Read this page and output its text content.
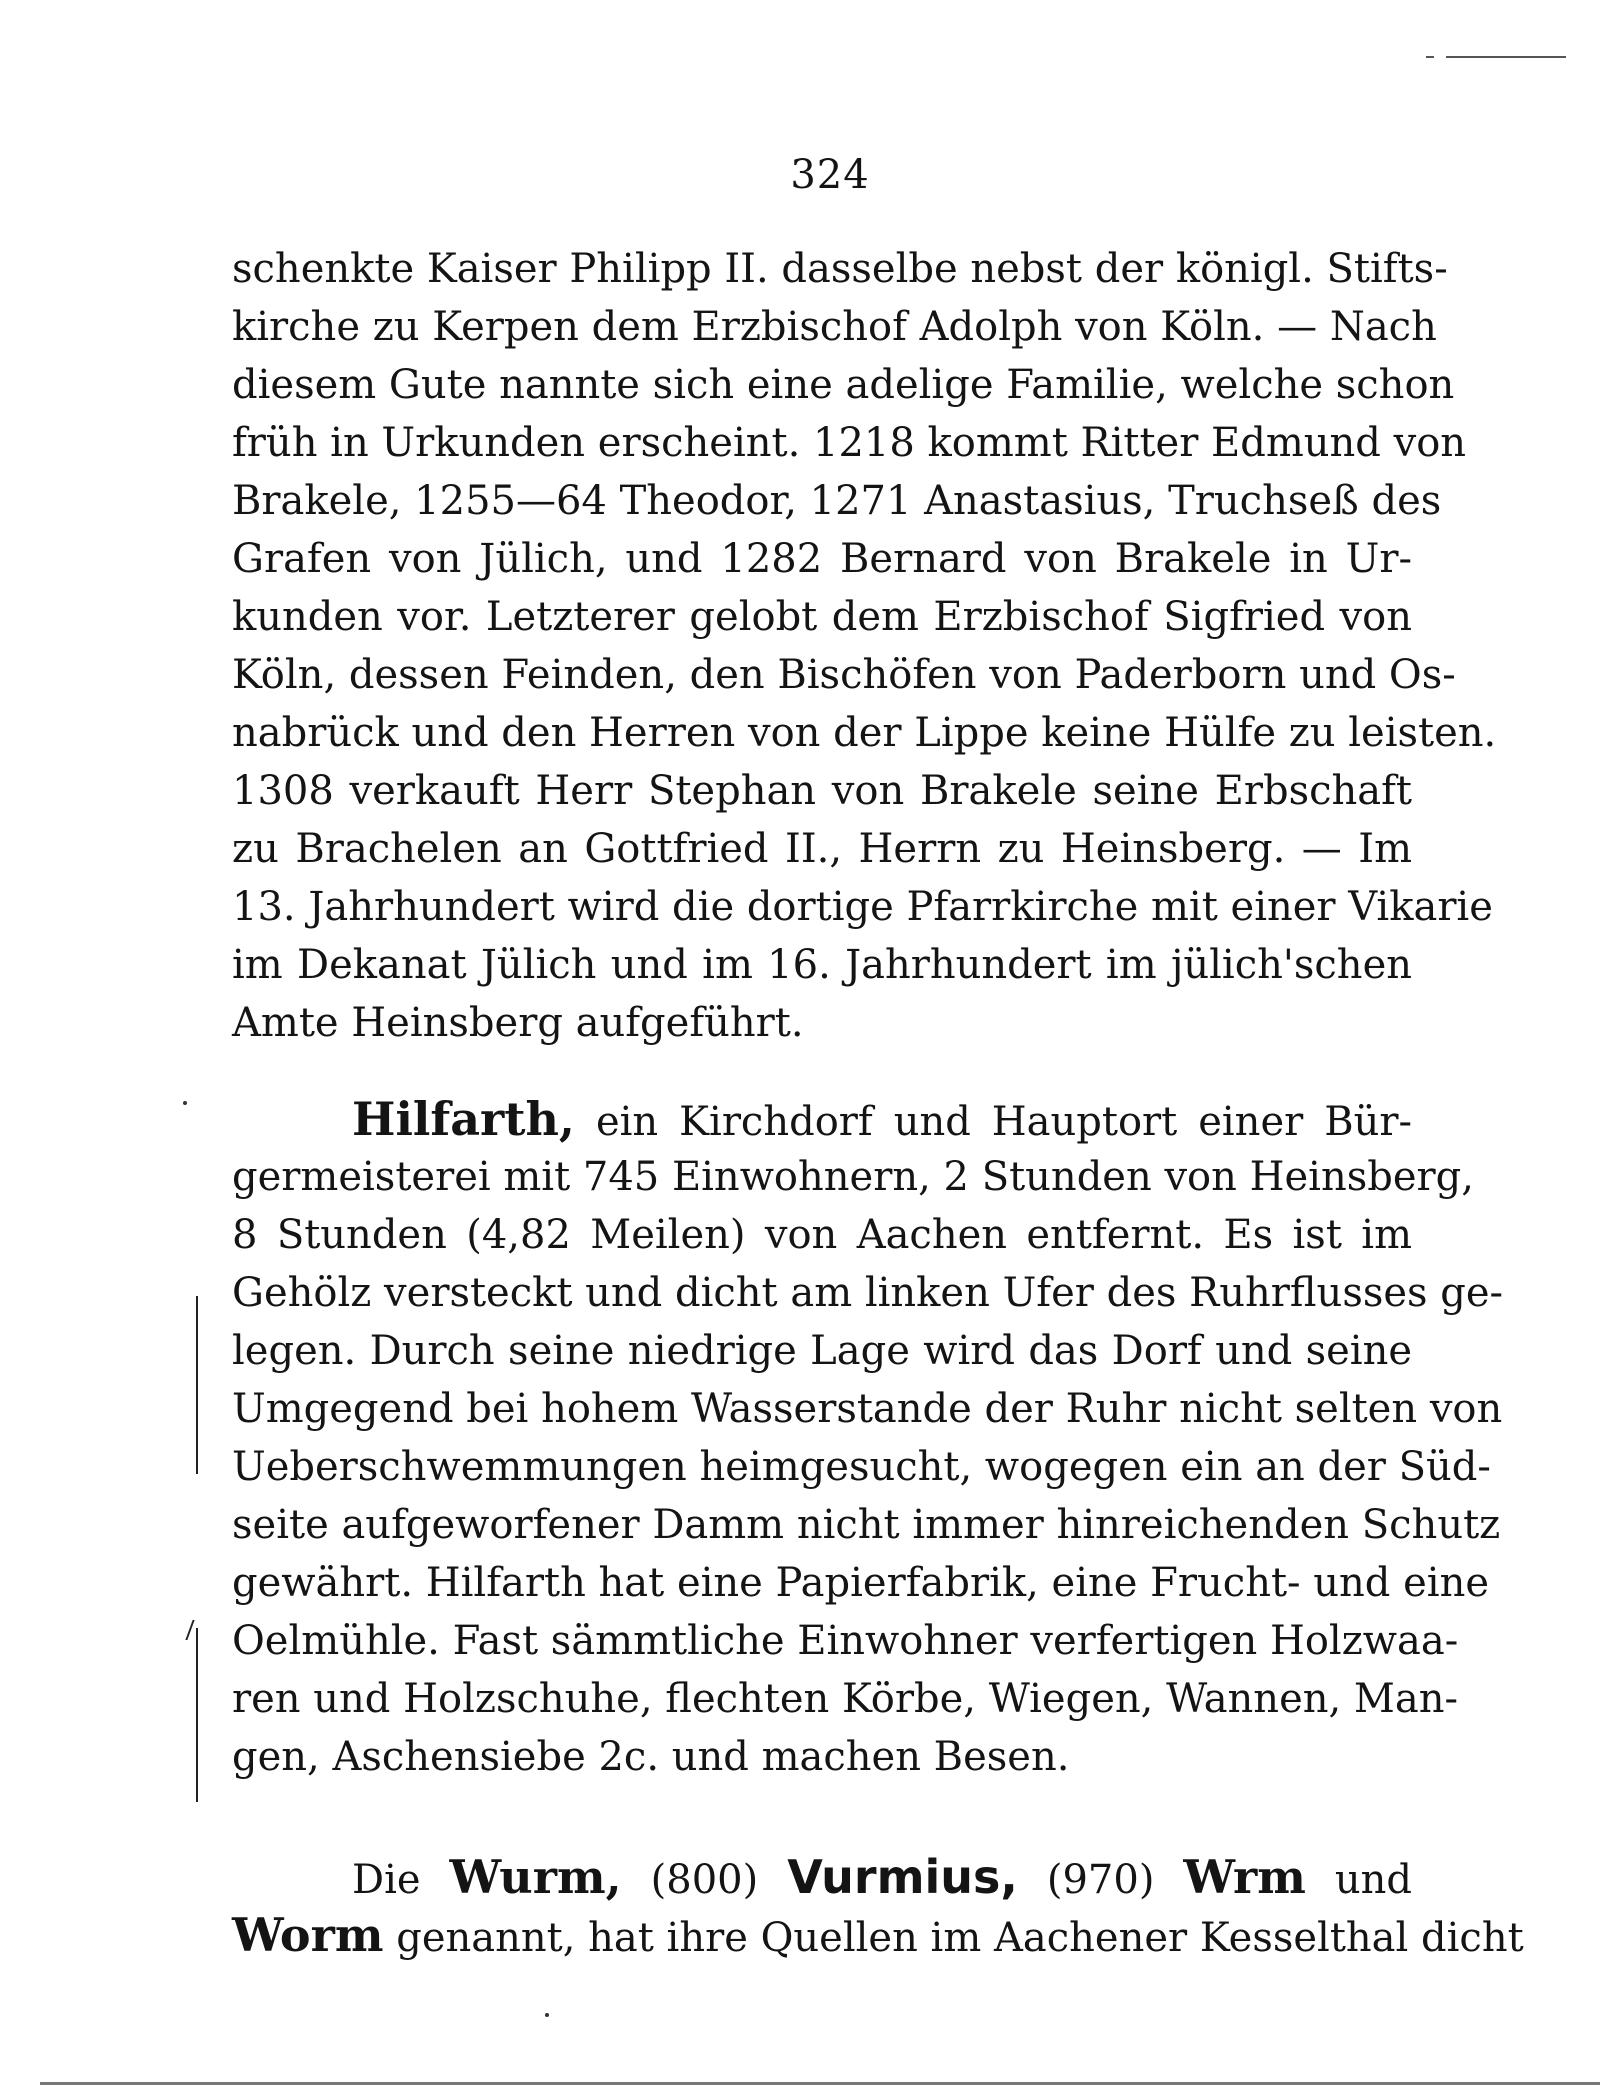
324
schenkte Kaiser Philipp II. dasselbe nebst der königl. Stifts-
kirche zu Kerpen dem Erzbischof Adolph von Köln. — Nach
diesem Gute nannte sich eine adelige Familie, welche schon
früh in Urkunden erscheint. 1218 kommt Ritter Edmund von
Brakele, 1255—64 Theodor, 1271 Anastasius, Truchseß des
Grafen von Jülich, und 1282 Bernard von Brakele in Ur-
kunden vor. Letzterer gelobt dem Erzbischof Sigfried von
Köln, dessen Feinden, den Bischöfen von Paderborn und Os-
nabrück und den Herren von der Lippe keine Hülfe zu leisten.
1308 verkauft Herr Stephan von Brakele seine Erbschaft
zu Brachelen an Gottfried II., Herrn zu Heinsberg. — Im
13. Jahrhundert wird die dortige Pfarrkirche mit einer Vikarie
im Dekanat Jülich und im 16. Jahrhundert im jülich'schen
Amte Heinsberg aufgeführt.
Hilfarth, ein Kirchdorf und Hauptort einer Bür-
germeisterei mit 745 Einwohnern, 2 Stunden von Heinsberg,
8 Stunden (4,82 Meilen) von Aachen entfernt. Es ist im
Gehölz versteckt und dicht am linken Ufer des Ruhrflusses ge-
legen. Durch seine niedrige Lage wird das Dorf und seine
Umgegend bei hohem Wasserstande der Ruhr nicht selten von
Ueberschwemmungen heimgesucht, wogegen ein an der Süd-
seite aufgeworfener Damm nicht immer hinreichenden Schutz
gewährt. Hilfarth hat eine Papierfabrik, eine Frucht- und eine
Oelmühle. Fast sämmtliche Einwohner verfertigen Holzwaa-
ren und Holzschuhe, flechten Körbe, Wiegen, Wannen, Man-
gen, Aschensiebe 2c. und machen Besen.
Die Wurm, (800) Vurmius, (970) Wrm und
Worm genannt, hat ihre Quellen im Aachener Kesselthal dicht
